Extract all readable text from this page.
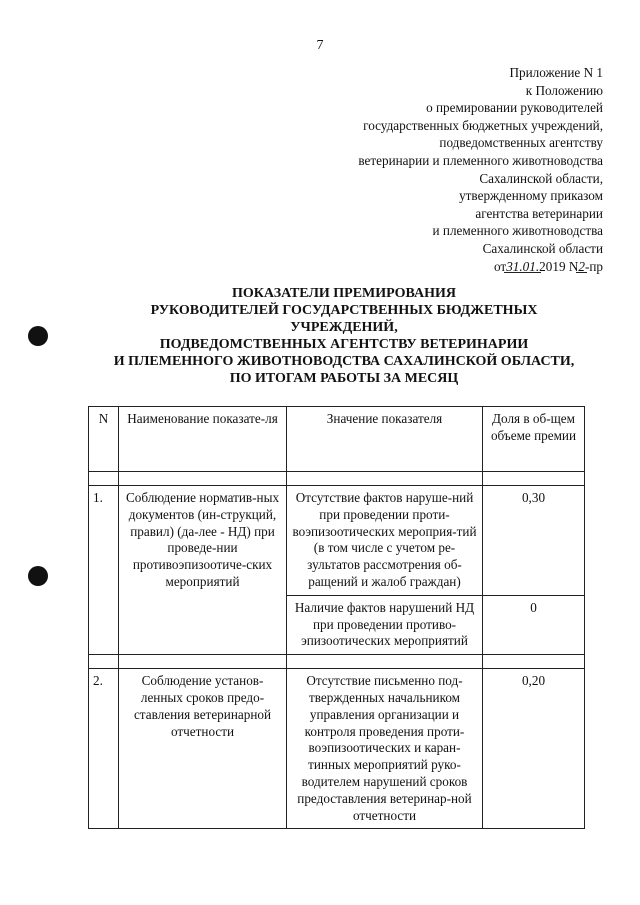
7
Приложение N 1
к Положению
о премировании руководителей
государственных бюджетных учреждений,
подведомственных агентству
ветеринарии и племенного животноводства
Сахалинской области,
утвержденному приказом
агентства ветеринарии
и племенного животноводства
Сахалинской области
от31.01.2019 N2-пр
ПОКАЗАТЕЛИ ПРЕМИРОВАНИЯ
РУКОВОДИТЕЛЕЙ ГОСУДАРСТВЕННЫХ БЮДЖЕТНЫХ
УЧРЕЖДЕНИЙ,
ПОДВЕДОМСТВЕННЫХ АГЕНТСТВУ ВЕТЕРИНАРИИ
И ПЛЕМЕННОГО ЖИВОТНОВОДСТВА САХАЛИНСКОЙ ОБЛАСТИ,
ПО ИТОГАМ РАБОТЫ ЗА МЕСЯЦ
N	Наименование показате-ля	Значение показателя	Доля в об-щем объеме премии

1.	Соблюдение норматив-ных документов (ин-струкций, правил) (да-лее - НД) при проведе-нии противоэпизоотиче-ских мероприятий	Отсутствие фактов наруше-ний при проведении проти-воэпизоотических мероприя-тий (в том числе с учетом ре-зультатов рассмотрения об-ращений и жалоб граждан)	0,30
		Наличие фактов нарушений НД при проведении противо-эпизоотических мероприятий	0

2.	Соблюдение установ-ленных сроков предо-ставления ветеринарной отчетности	Отсутствие письменно под-твержденных начальником управления организации и контроля проведения проти-воэпизоотических и каран-тинных мероприятий руко-водителем нарушений сроков предоставления ветеринар-ной отчетности	0,20
